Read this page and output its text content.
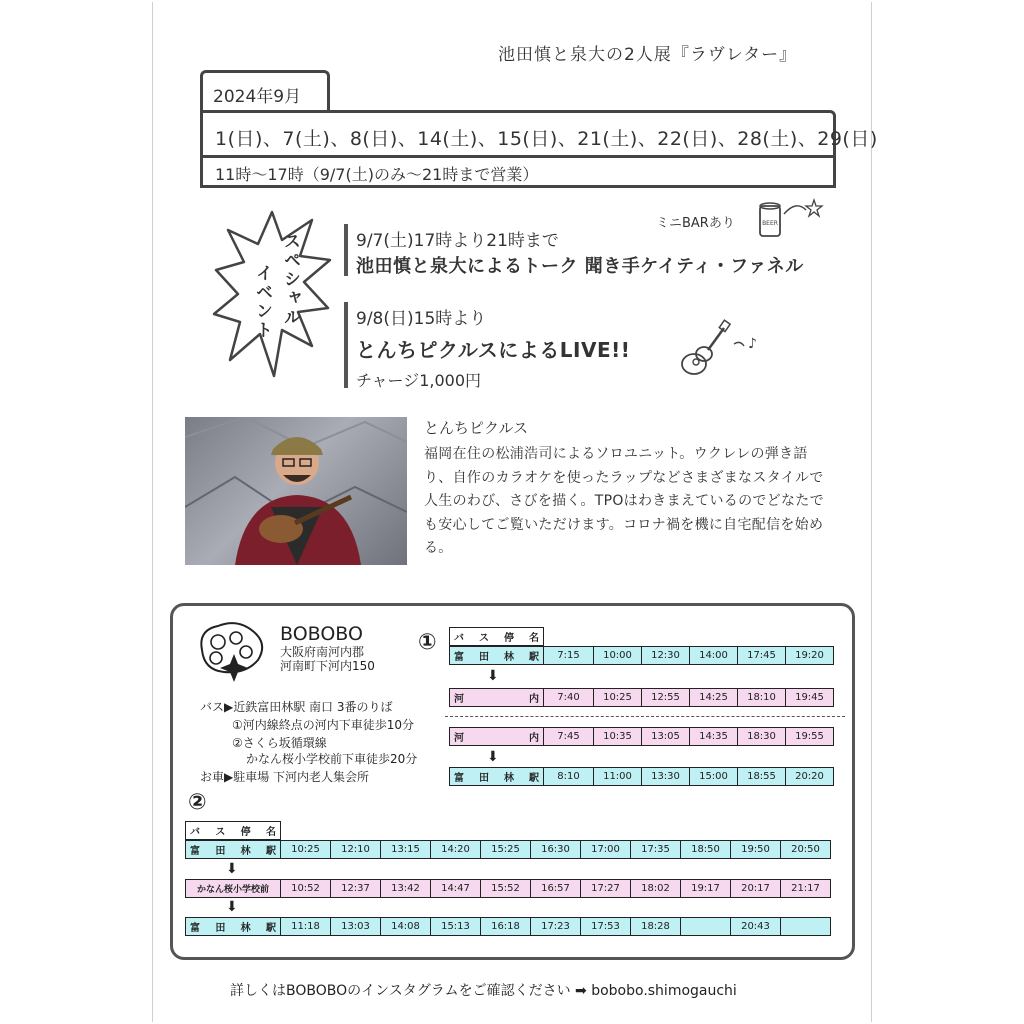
池田慎と泉大の2人展『ラヴレター』
2024年9月
1(日)、7(土)、8(日)、14(土)、15(日)、21(土)、22(日)、28(土)、29(日)
11時〜17時（9/7(土)のみ〜21時まで営業）
スペシャル
イベント
9/7(土)17時より21時まで
池田慎と泉大によるトーク 聞き手ケイティ・ファネル
ミニBARあり	BEER
9/8(日)15時より
とんちピクルスによるLIVE!!
チャージ1,000円
♪
とんちピクルス
福岡在住の松浦浩司によるソロユニット。ウクレレの弾き語り、自作のカラオケを使ったラップなどさまざまなスタイルで人生のわび、さびを描く。TPOはわきまえているのでどなたでも安心してご覧いただけます。コロナ禍を機に自宅配信を始める。
BOBOBO
大阪府南河内郡
河南町下河内150
バス▶近鉄富田林駅 南口 3番のりば
①河内線終点の河内下車徒歩10分
②さくら坂循環線
かなん桜小学校前下車徒歩20分
お車▶駐車場 下河内老人集会所
① バス停名
富田林駅	7:15	10:00	12:30	14:00	17:45	19:20
⬇
河内	7:40	10:25	12:55	14:25	18:10	19:45
河内	7:45	10:35	13:05	14:35	18:30	19:55
⬇
富田林駅	8:10	11:00	13:30	15:00	18:55	20:20
②
バス停名
富田林駅	10:25	12:10	13:15	14:20	15:25	16:30	17:00	17:35	18:50	19:50	20:50
⬇
かなん桜小学校前	10:52	12:37	13:42	14:47	15:52	16:57	17:27	18:02	19:17	20:17	21:17
⬇
富田林駅	11:18	13:03	14:08	15:13	16:18	17:23	17:53	18:28		20:43	
詳しくはBOBOBOのインスタグラムをご確認ください ➡ bobobo.shimogauchi
